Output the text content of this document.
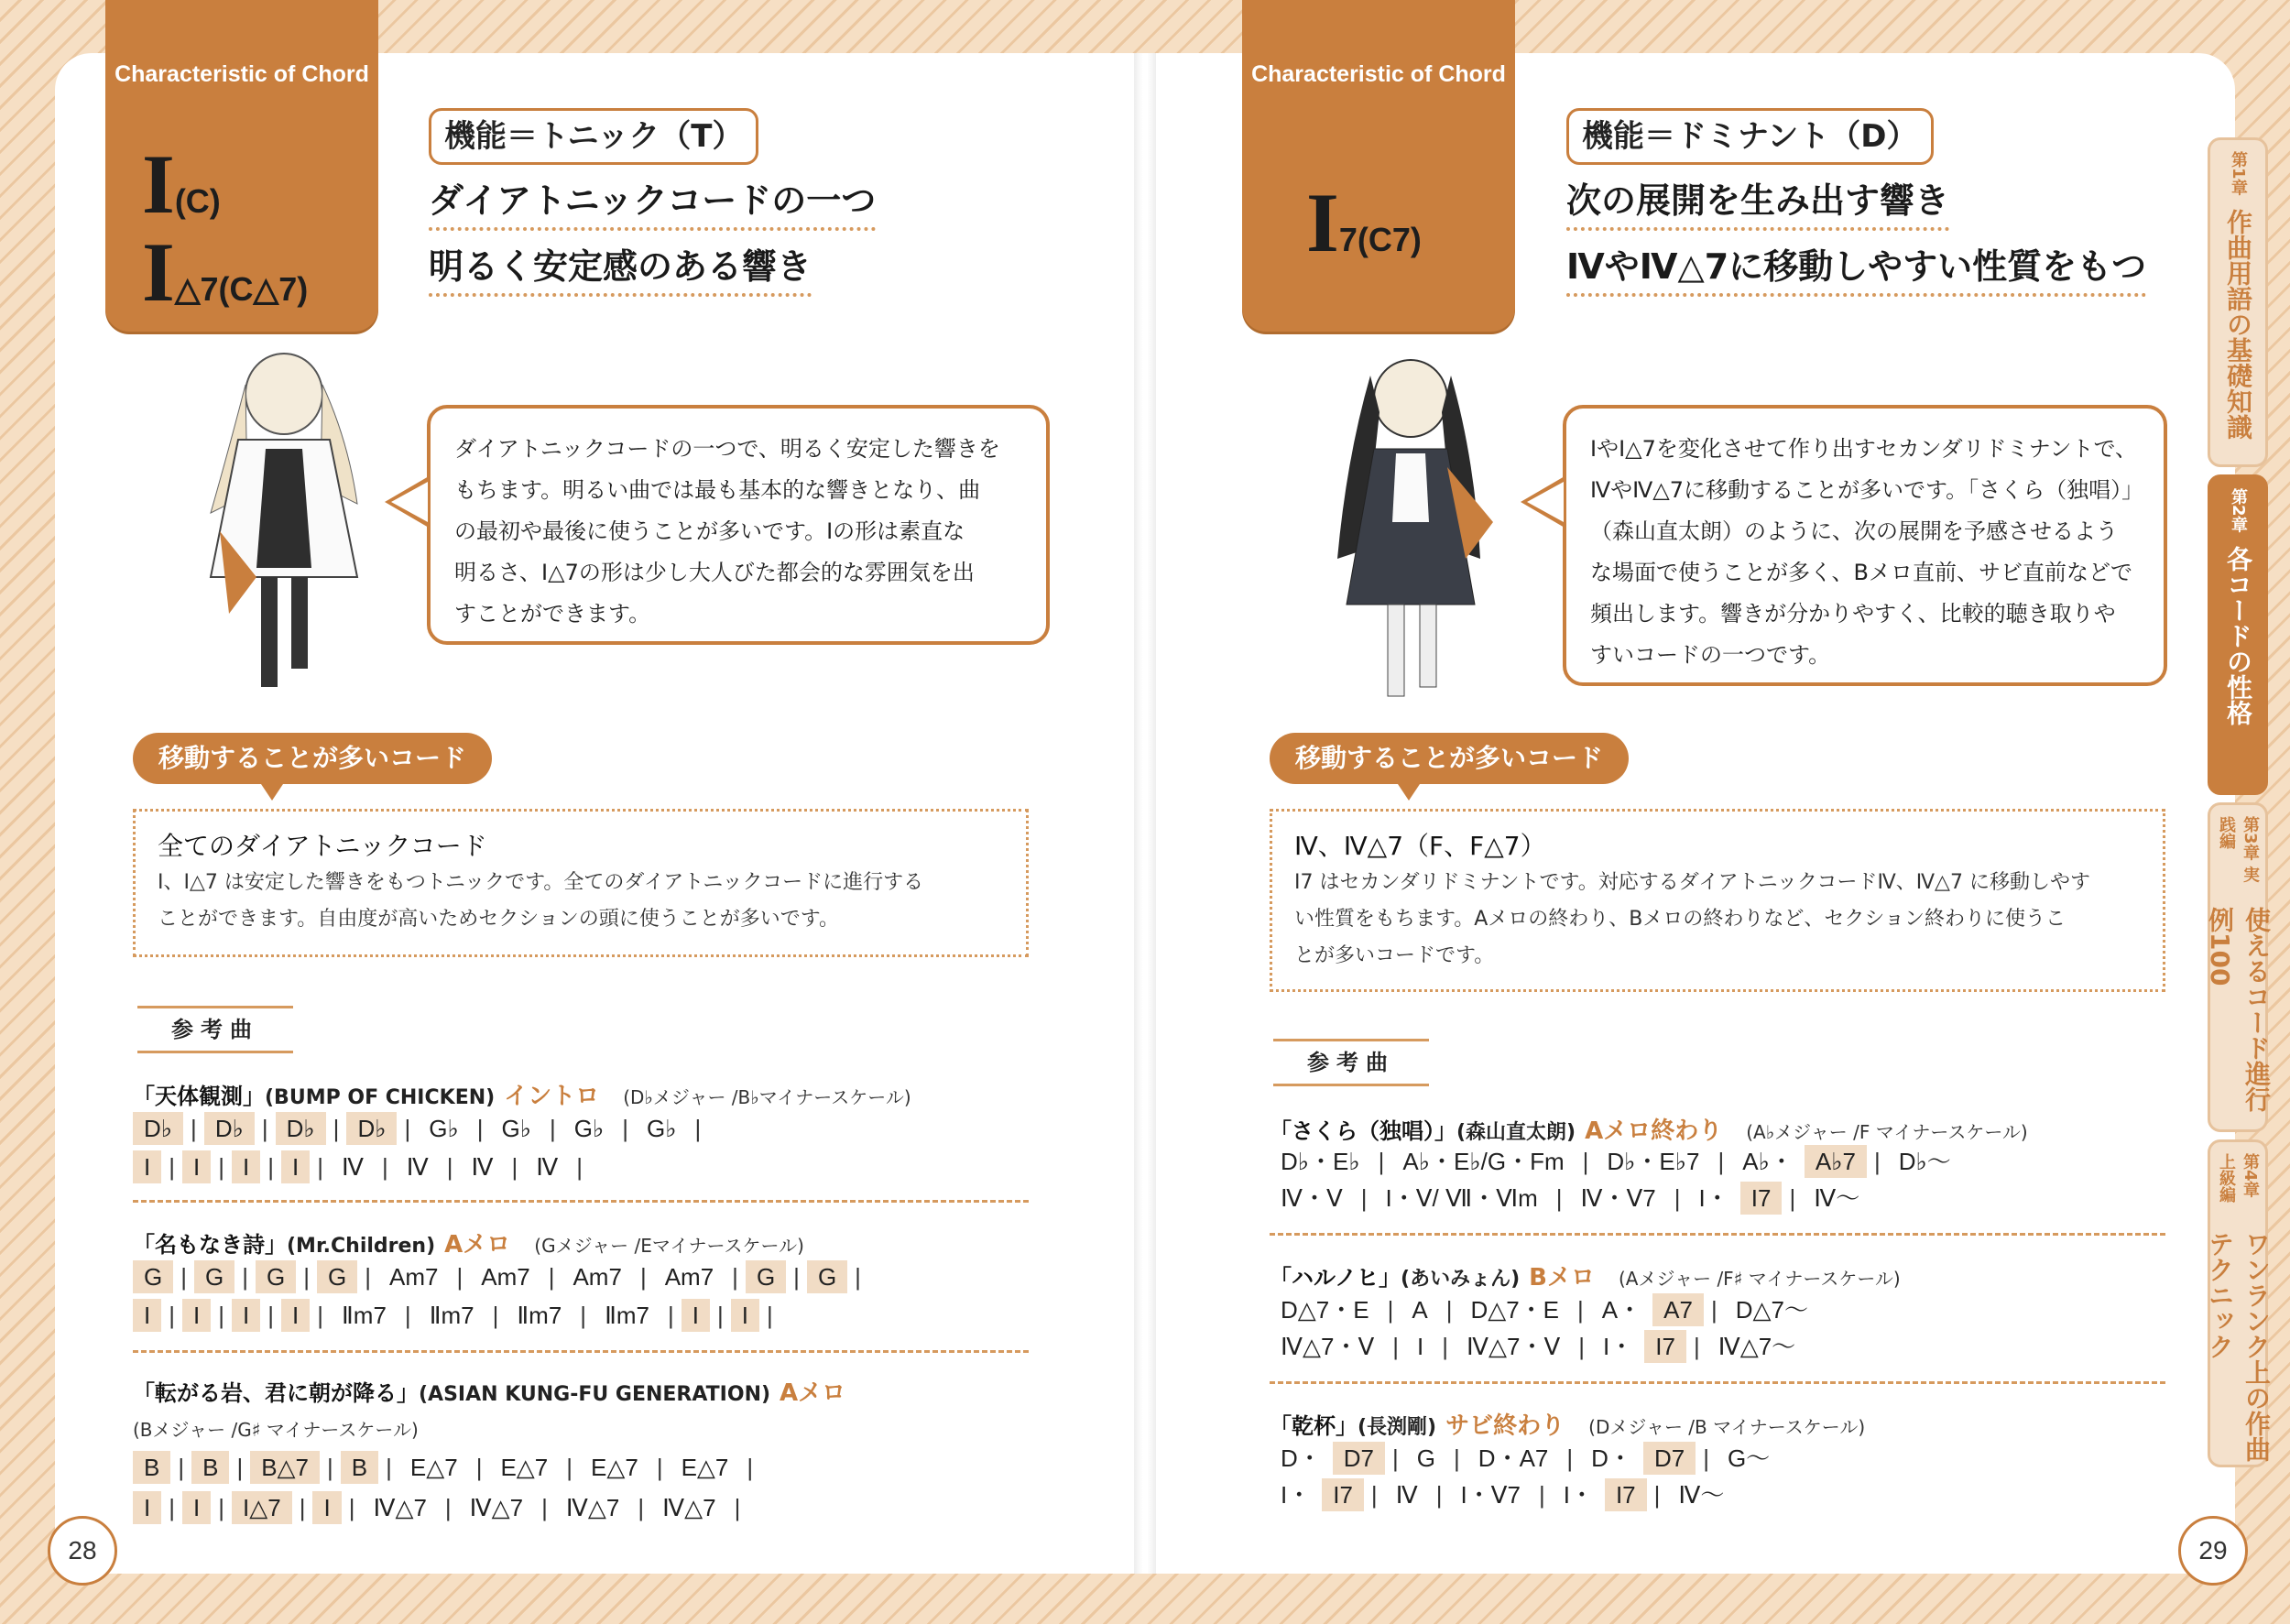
Characteristic of Chord
I(C)
I△7(C△7)
機能＝トニック（T）
ダイアトニックコードの一つ
明るく安定感のある響き
ダイアトニックコードの一つで、明るく安定した響きを
もちます。明るい曲では最も基本的な響きとなり、曲
の最初や最後に使うことが多いです。Iの形は素直な
明るさ、I△7の形は少し大人びた都会的な雰囲気を出
すことができます。
移動することが多いコード
全てのダイアトニックコード
I、I△7 は安定した響きをもつトニックです。全てのダイアトニックコードに進行する
ことができます。自由度が高いためセクションの頭に使うことが多いです。
参考曲
「天体観測」(BUMP OF CHICKEN) イントロ (D♭メジャー /B♭マイナースケール)
D♭ | D♭ | D♭ | D♭ | G♭ | G♭ | G♭ | G♭ |
I | I | I | I | Ⅳ | Ⅳ | Ⅳ | Ⅳ |
「名もなき詩」(Mr.Children) Aメロ (Gメジャー /Eマイナースケール)
G | G | G | G | Am7 | Am7 | Am7 | Am7 | G | G |
I | I | I | I | Ⅱm7 | Ⅱm7 | Ⅱm7 | Ⅱm7 | I | I |
「転がる岩、君に朝が降る」(ASIAN KUNG-FU GENERATION) Aメロ
(Bメジャー /G♯ マイナースケール)
B | B | B△7 | B | E△7 | E△7 | E△7 | E△7 |
I | I | I△7 | I | Ⅳ△7 | Ⅳ△7 | Ⅳ△7 | Ⅳ△7 |
28
Characteristic of Chord
I7(C7)
機能＝ドミナント（D）
次の展開を生み出す響き
ⅣやⅣ△7に移動しやすい性質をもつ
IやI△7を変化させて作り出すセカンダリドミナントで、
ⅣやⅣ△7に移動することが多いです。「さくら（独唱）」
（森山直太朗）のように、次の展開を予感させるよう
な場面で使うことが多く、Bメロ直前、サビ直前などで
頻出します。響きが分かりやすく、比較的聴き取りや
すいコードの一つです。
移動することが多いコード
Ⅳ、Ⅳ△7（F、F△7）
I7 はセカンダリドミナントです。対応するダイアトニックコードⅣ、Ⅳ△7 に移動しやす
い性質をもちます。Aメロの終わり、Bメロの終わりなど、セクション終わりに使うこ
とが多いコードです。
参考曲
「さくら（独唱）」(森山直太朗) Aメロ終わり (A♭メジャー /F マイナースケール)
D♭・E♭ | A♭・E♭/G・Fm | D♭・E♭7 | A♭・ A♭7 | D♭〜
Ⅳ・Ⅴ | I・Ⅴ/ Ⅶ・Ⅵm | Ⅳ・Ⅴ7 | I・ I7 | Ⅳ〜
「ハルノヒ」(あいみょん) Bメロ (Aメジャー /F♯ マイナースケール)
D△7・E | A | D△7・E | A・ A7 | D△7〜
Ⅳ△7・Ⅴ | I | Ⅳ△7・Ⅴ | I・ I7 | Ⅳ△7〜
「乾杯」(長渕剛) サビ終わり (Dメジャー /B マイナースケール)
D・ D7 | G | D・A7 | D・ D7 | G〜
I・ I7 | Ⅳ | I・Ⅴ7 | I・ I7 | Ⅳ〜
29
第1章
作曲用語の基礎知識
第2章
各コードの性格
第3章 実践編
使えるコード進行例100
第4章 上級編
ワンランク上の作曲テクニック
